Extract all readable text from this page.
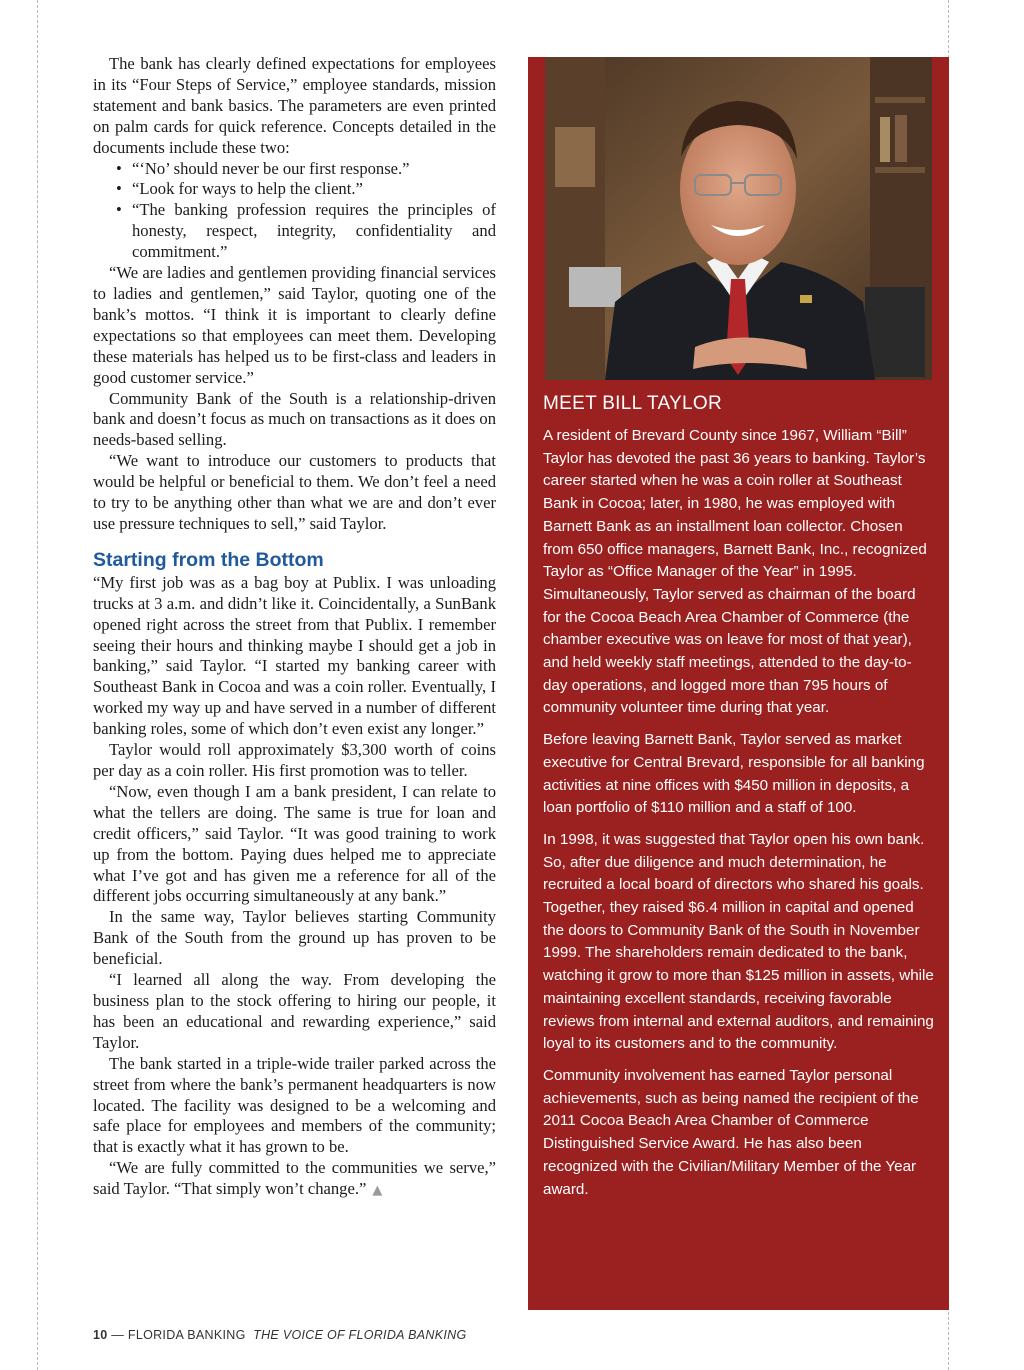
The bank has clearly defined expectations for employees in its “Four Steps of Service,” employee standards, mission statement and bank basics. The parameters are even printed on palm cards for quick reference. Concepts detailed in the documents include these two:

• “‘No’ should never be our first response.”
• “Look for ways to help the client.”
• “The banking profession requires the principles of honesty, respect, integrity, confidentiality and commitment.”

“We are ladies and gentlemen providing financial services to ladies and gentlemen,” said Taylor, quoting one of the bank’s mottos. “I think it is important to clearly define expectations so that employees can meet them. Developing these materials has helped us to be first-class and leaders in good customer service.”

Community Bank of the South is a relationship-driven bank and doesn’t focus as much on transactions as it does on needs-based selling.

“We want to introduce our customers to products that would be helpful or beneficial to them. We don’t feel a need to try to be anything other than what we are and don’t ever use pressure techniques to sell,” said Taylor.

Starting from the Bottom

“My first job was as a bag boy at Publix. I was unloading trucks at 3 a.m. and didn’t like it. Coincidentally, a SunBank opened right across the street from that Publix. I remember seeing their hours and thinking maybe I should get a job in banking,” said Taylor. “I started my banking career with Southeast Bank in Cocoa and was a coin roller. Eventually, I worked my way up and have served in a number of different banking roles, some of which don’t even exist any longer.”

Taylor would roll approximately $3,300 worth of coins per day as a coin roller. His first promotion was to teller.

“Now, even though I am a bank president, I can relate to what the tellers are doing. The same is true for loan and credit officers,” said Taylor. “It was good training to work up from the bottom. Paying dues helped me to appreciate what I’ve got and has given me a reference for all of the different jobs occurring simultaneously at any bank.”

In the same way, Taylor believes starting Community Bank of the South from the ground up has proven to be beneficial.

“I learned all along the way. From developing the business plan to the stock offering to hiring our people, it has been an educational and rewarding experience,” said Taylor.

The bank started in a triple-wide trailer parked across the street from where the bank’s permanent headquarters is now located. The facility was designed to be a welcoming and safe place for employees and members of the community; that is exactly what it has grown to be.

“We are fully committed to the communities we serve,” said Taylor. “That simply won’t change.” ▲

MEET BILL TAYLOR

A resident of Brevard County since 1967, William “Bill” Taylor has devoted the past 36 years to banking. Taylor’s career started when he was a coin roller at Southeast Bank in Cocoa; later, in 1980, he was employed with Barnett Bank as an installment loan collector. Chosen from 650 office managers, Barnett Bank, Inc., recognized Taylor as “Office Manager of the Year” in 1995. Simultaneously, Taylor served as chairman of the board for the Cocoa Beach Area Chamber of Commerce (the chamber executive was on leave for most of that year), and held weekly staff meetings, attended to the day-to-day operations, and logged more than 795 hours of community volunteer time during that year.

Before leaving Barnett Bank, Taylor served as market executive for Central Brevard, responsible for all banking activities at nine offices with $450 million in deposits, a loan portfolio of $110 million and a staff of 100.

In 1998, it was suggested that Taylor open his own bank. So, after due diligence and much determination, he recruited a local board of directors who shared his goals. Together, they raised $6.4 million in capital and opened the doors to Community Bank of the South in November 1999. The shareholders remain dedicated to the bank, watching it grow to more than $125 million in assets, while maintaining excellent standards, receiving favorable reviews from internal and external auditors, and remaining loyal to its customers and to the community.

Community involvement has earned Taylor personal achievements, such as being named the recipient of the 2011 Cocoa Beach Area Chamber of Commerce Distinguished Service Award. He has also been recognized with the Civilian/Military Member of the Year award.

10 — FLORIDA BANKING THE VOICE OF FLORIDA BANKING
